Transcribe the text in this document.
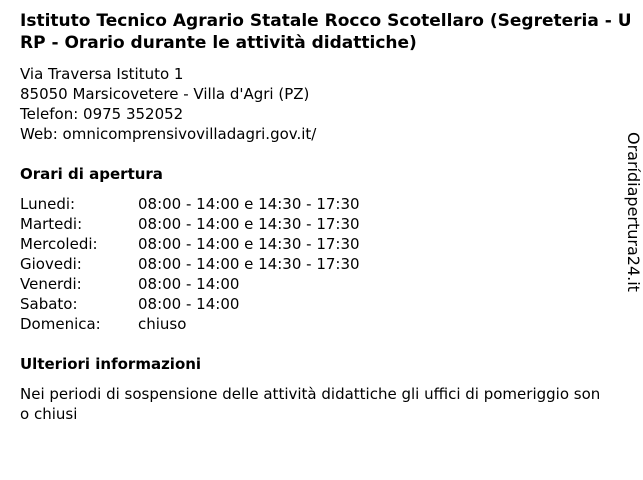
Istituto Tecnico Agrario Statale Rocco Scotellaro (Segreteria - URP - Orario durante le attività didattiche)
Via Traversa Istituto 1
85050 Marsicovetere - Villa d'Agri (PZ)
Telefon: 0975 352052
Web: omnicomprensivovilladagri.gov.it/
Orari di apertura
Lunedi:	08:00 - 14:00 e 14:30 - 17:30
Martedi:	08:00 - 14:00 e 14:30 - 17:30
Mercoledi:	08:00 - 14:00 e 14:30 - 17:30
Giovedi:	08:00 - 14:00 e 14:30 - 17:30
Venerdi:	08:00 - 14:00
Sabato:	08:00 - 14:00
Domenica: chiuso
Ulteriori informazioni
Nei periodi di sospensione delle attività didattiche gli uffici di pomeriggio sono chiusi
Orarídiapertura24.it
